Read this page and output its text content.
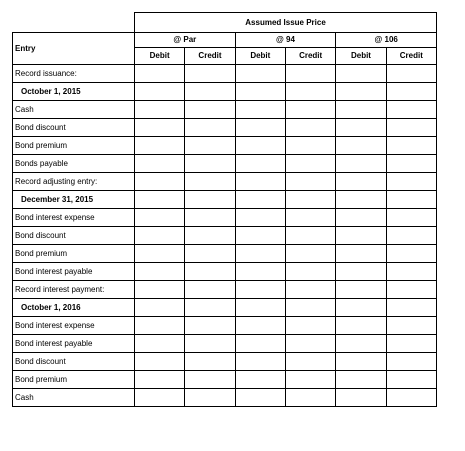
	Assumed Issue Price					
Entry	@ Par		@ 94		@ 106	
	Debit	Credit	Debit	Credit	Debit	Credit
Record issuance:						
October 1, 2015						
Cash						
Bond discount						
Bond premium						
Bonds payable						
Record adjusting entry:						
December 31, 2015						
Bond interest expense						
Bond discount						
Bond premium						
Bond interest payable						
Record interest payment:						
October 1, 2016						
Bond interest expense						
Bond interest payable						
Bond discount						
Bond premium						
Cash						
